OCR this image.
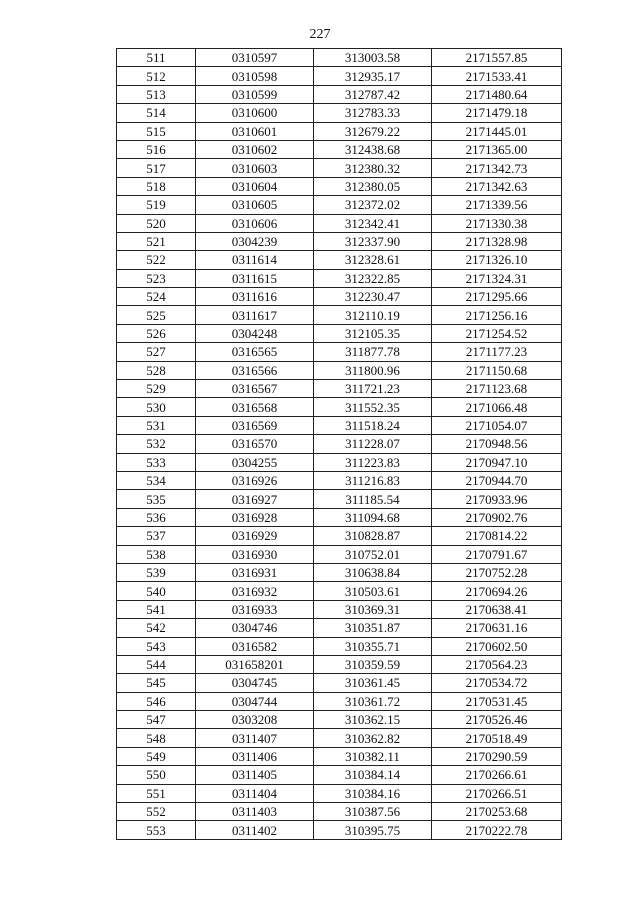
227
511	0310597	313003.58	2171557.85
512	0310598	312935.17	2171533.41
513	0310599	312787.42	2171480.64
514	0310600	312783.33	2171479.18
515	0310601	312679.22	2171445.01
516	0310602	312438.68	2171365.00
517	0310603	312380.32	2171342.73
518	0310604	312380.05	2171342.63
519	0310605	312372.02	2171339.56
520	0310606	312342.41	2171330.38
521	0304239	312337.90	2171328.98
522	0311614	312328.61	2171326.10
523	0311615	312322.85	2171324.31
524	0311616	312230.47	2171295.66
525	0311617	312110.19	2171256.16
526	0304248	312105.35	2171254.52
527	0316565	311877.78	2171177.23
528	0316566	311800.96	2171150.68
529	0316567	311721.23	2171123.68
530	0316568	311552.35	2171066.48
531	0316569	311518.24	2171054.07
532	0316570	311228.07	2170948.56
533	0304255	311223.83	2170947.10
534	0316926	311216.83	2170944.70
535	0316927	311185.54	2170933.96
536	0316928	311094.68	2170902.76
537	0316929	310828.87	2170814.22
538	0316930	310752.01	2170791.67
539	0316931	310638.84	2170752.28
540	0316932	310503.61	2170694.26
541	0316933	310369.31	2170638.41
542	0304746	310351.87	2170631.16
543	0316582	310355.71	2170602.50
544	031658201	310359.59	2170564.23
545	0304745	310361.45	2170534.72
546	0304744	310361.72	2170531.45
547	0303208	310362.15	2170526.46
548	0311407	310362.82	2170518.49
549	0311406	310382.11	2170290.59
550	0311405	310384.14	2170266.61
551	0311404	310384.16	2170266.51
552	0311403	310387.56	2170253.68
553	0311402	310395.75	2170222.78
